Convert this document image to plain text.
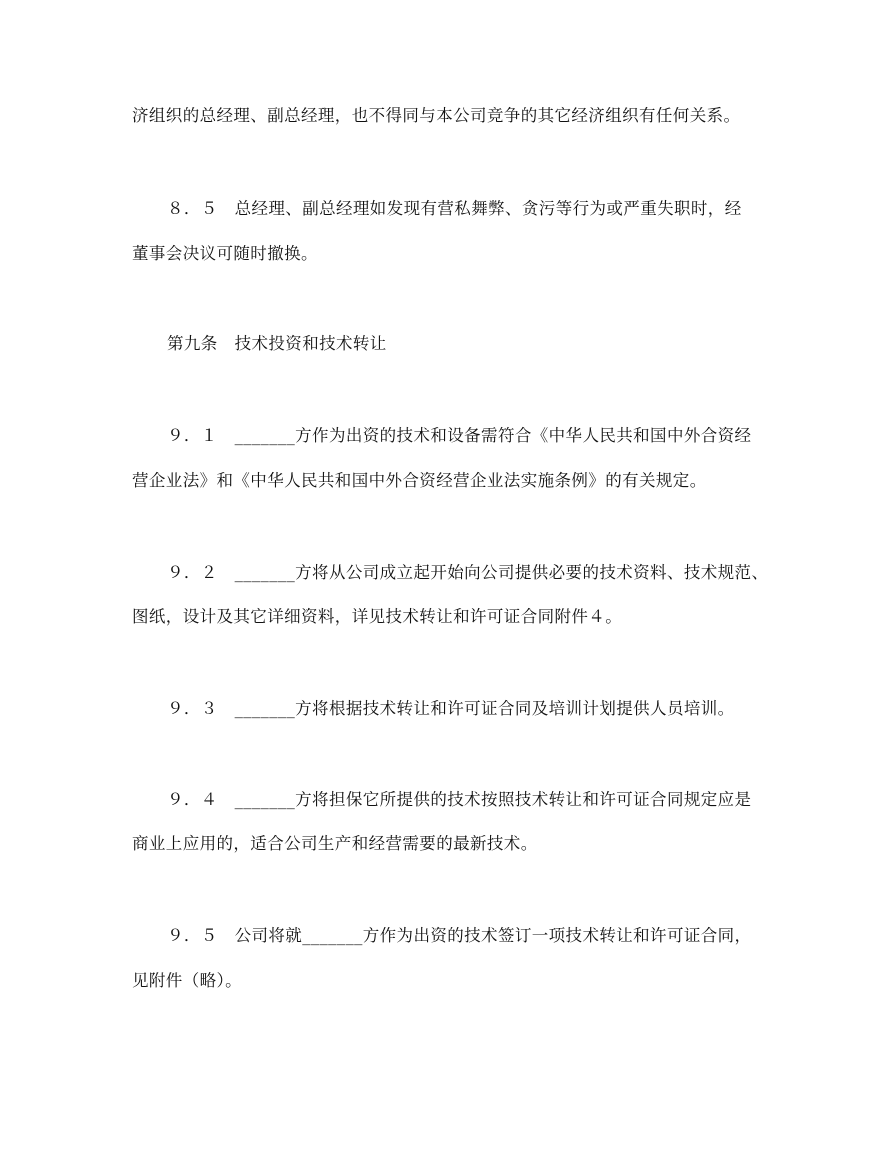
济组织的总经理、副总经理，也不得同与本公司竞争的其它经济组织有任何关系。
８．５　总经理、副总经理如发现有营私舞弊、贪污等行为或严重失职时，经
董事会决议可随时撤换。
第九条　技术投资和技术转让
９．１　_______方作为出资的技术和设备需符合《中华人民共和国中外合资经
营企业法》和《中华人民共和国中外合资经营企业法实施条例》的有关规定。
９．２　_______方将从公司成立起开始向公司提供必要的技术资料、技术规范、
图纸，设计及其它详细资料，详见技术转让和许可证合同附件４。
９．３　_______方将根据技术转让和许可证合同及培训计划提供人员培训。
９．４　_______方将担保它所提供的技术按照技术转让和许可证合同规定应是
商业上应用的，适合公司生产和经营需要的最新技术。
９．５　公司将就_______方作为出资的技术签订一项技术转让和许可证合同，
见附件（略）。
